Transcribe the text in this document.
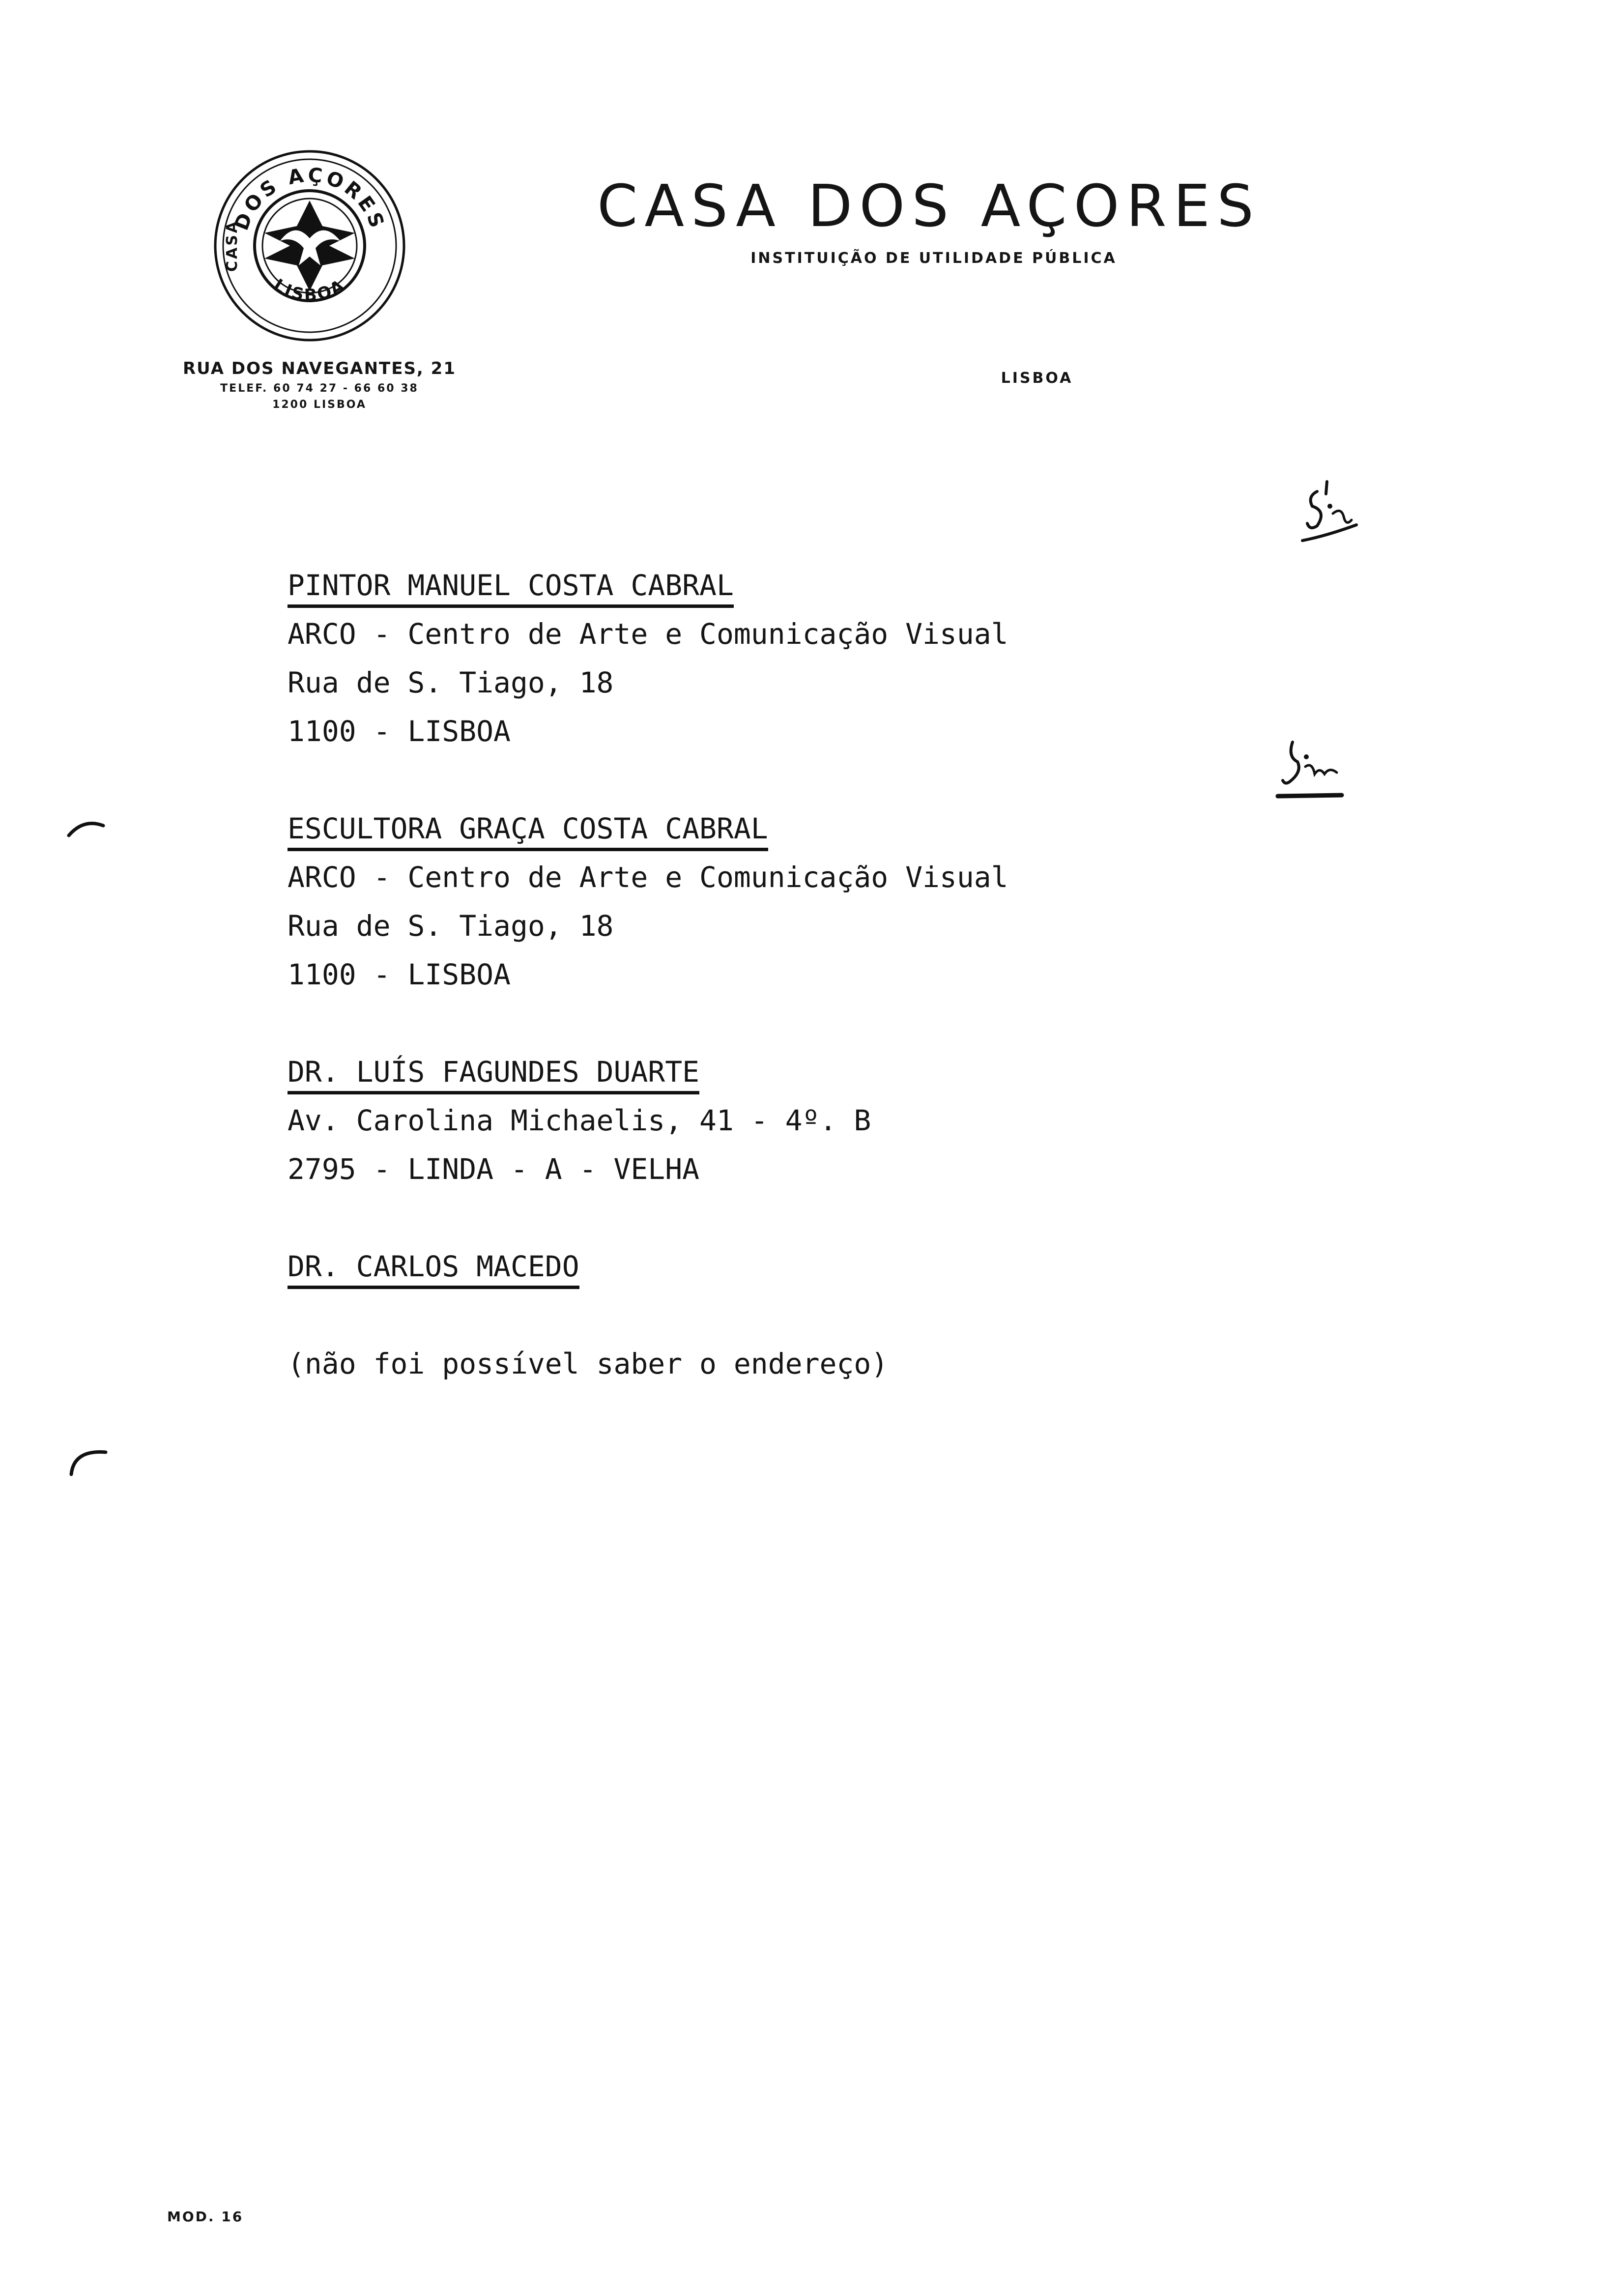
DOS AÇORES
LISBOA
CASA
CASA DOS AÇORES
INSTITUIÇÃO DE UTILIDADE PÚBLICA
RUA DOS NAVEGANTES, 21
TELEF. 60 74 27 - 66 60 38
1200 LISBOA
LISBOA
PINTOR MANUEL COSTA CABRAL
ARCO - Centro de Arte e Comunicação Visual
Rua de S. Tiago, 18
1100 - LISBOA
ESCULTORA GRAÇA COSTA CABRAL
ARCO - Centro de Arte e Comunicação Visual
Rua de S. Tiago, 18
1100 - LISBOA
DR. LUÍS FAGUNDES DUARTE
Av. Carolina Michaelis, 41 - 4º. B
2795 - LINDA - A - VELHA
DR. CARLOS MACEDO
(não foi possível saber o endereço)
MOD. 16
